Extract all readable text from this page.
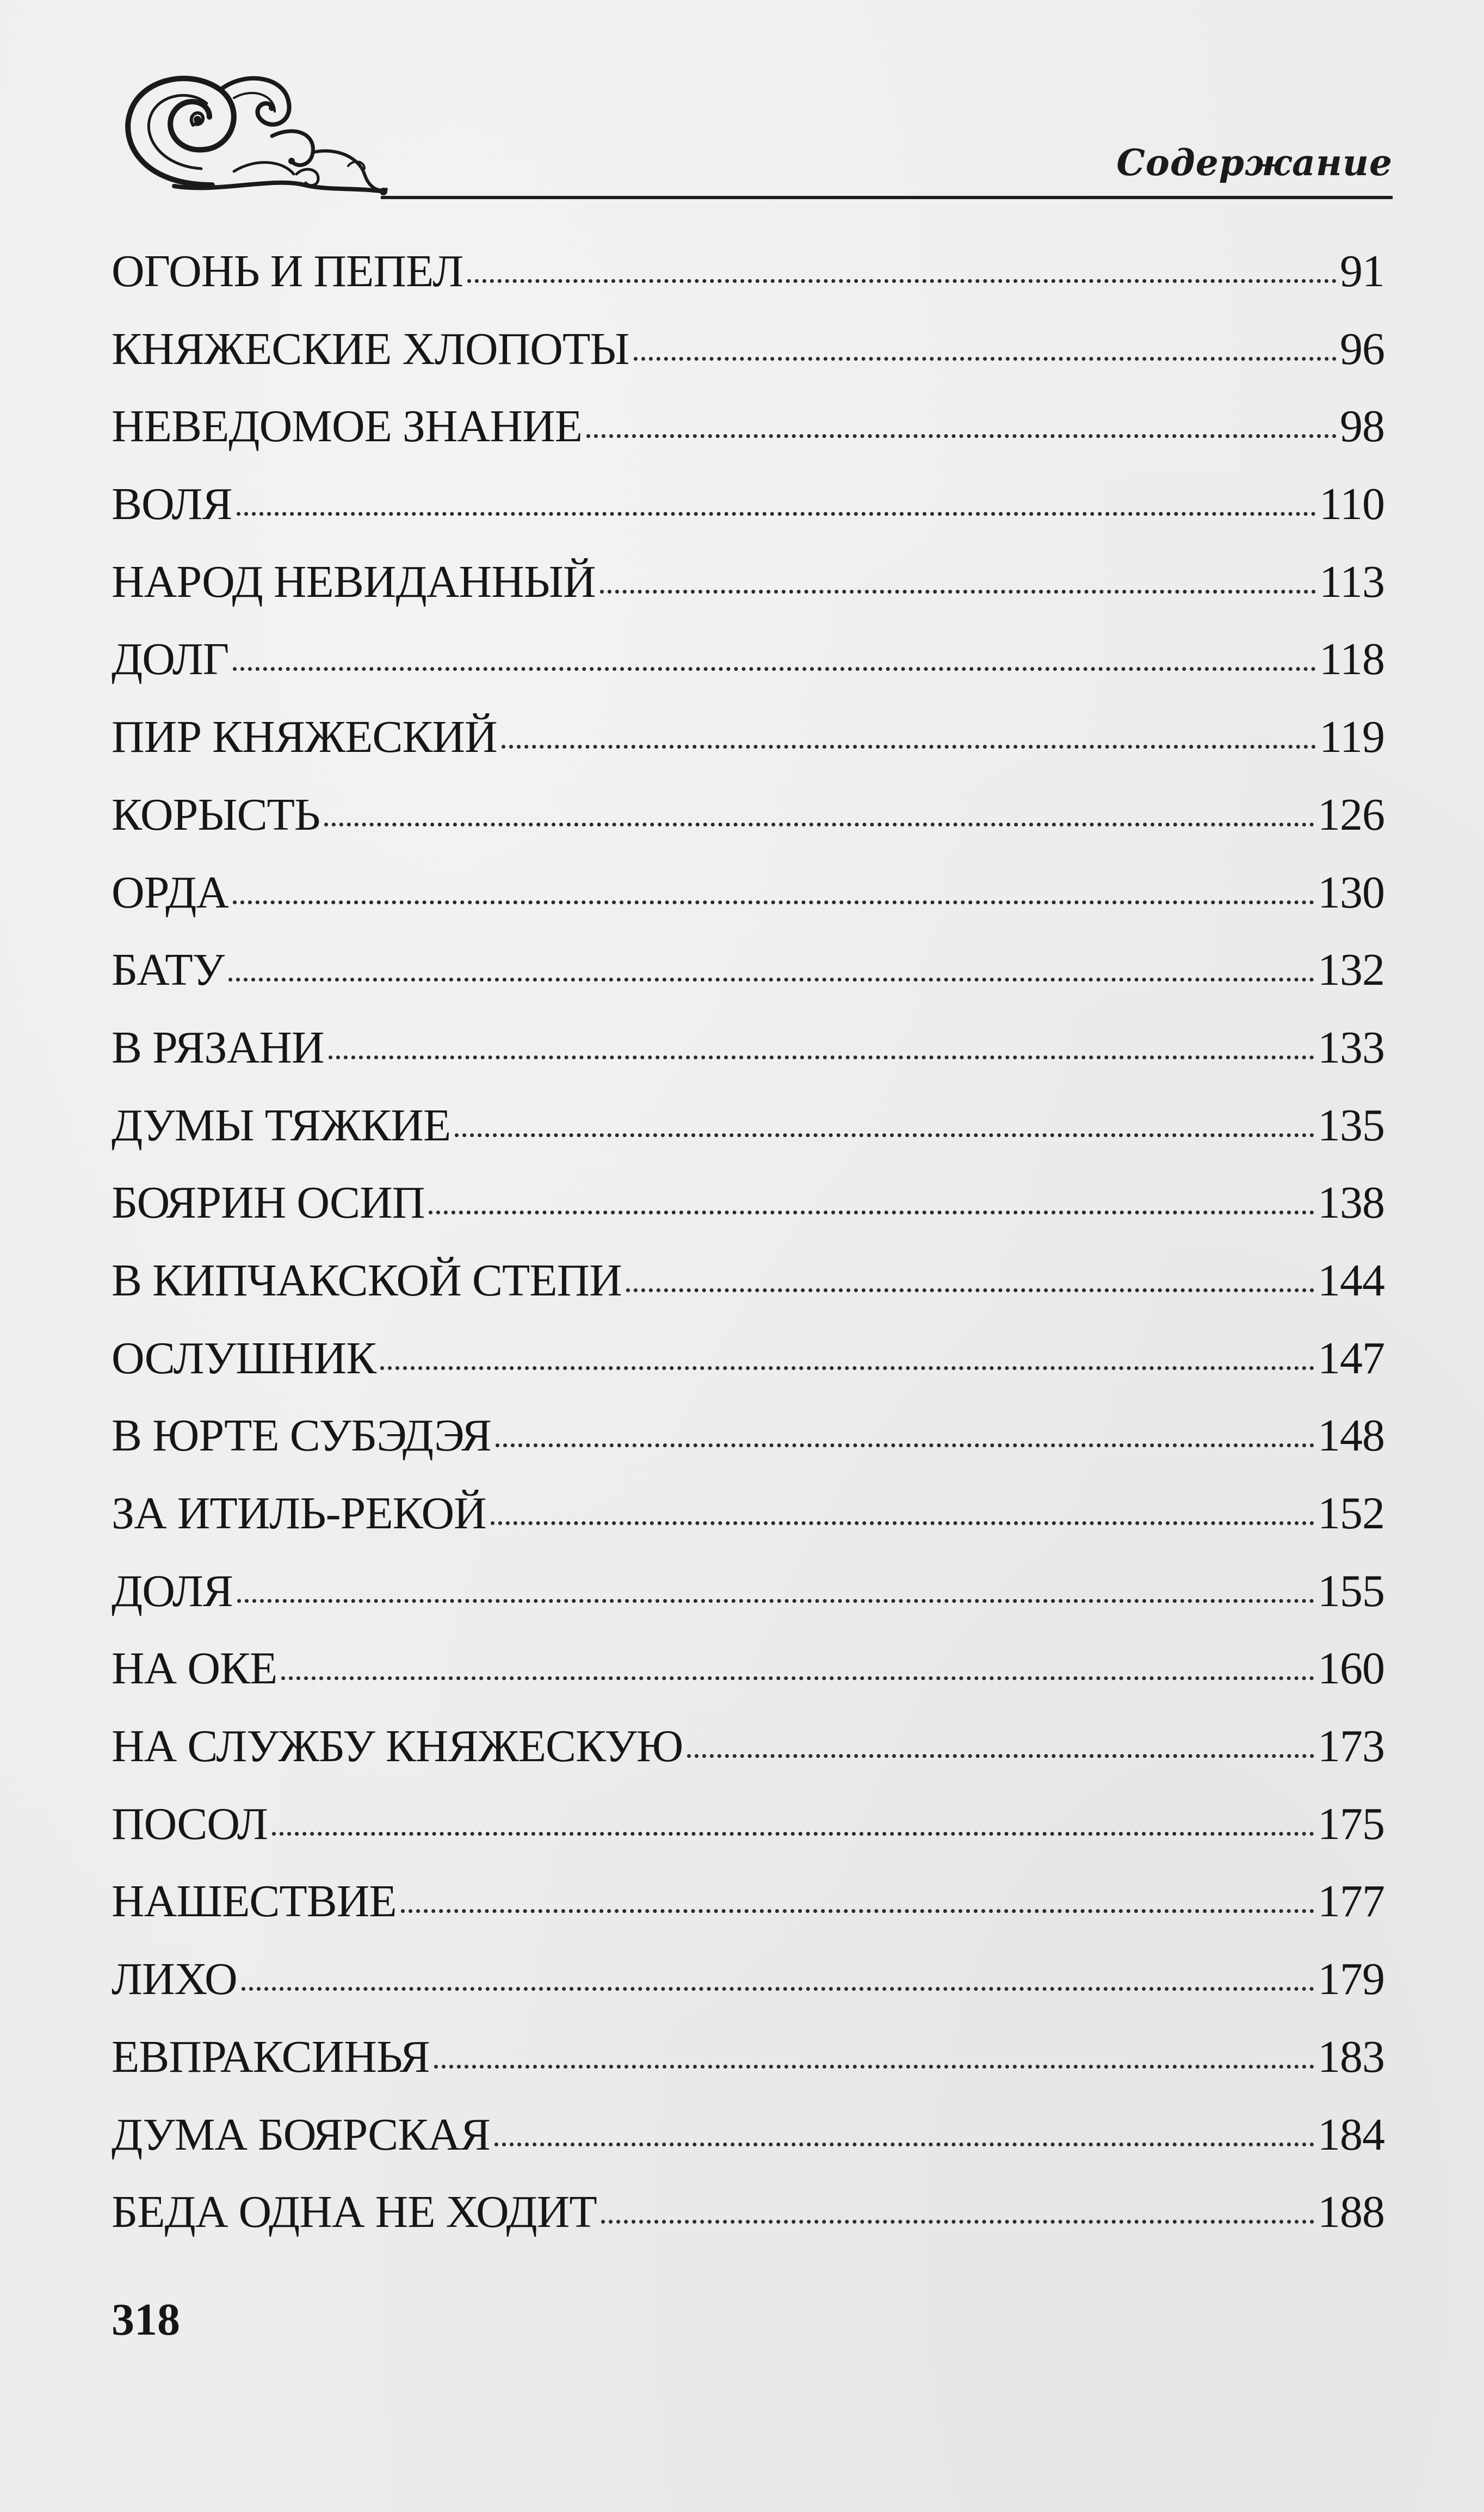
Содержание
ОГОНЬ И ПЕПЕЛ	91
КНЯЖЕСКИЕ ХЛОПОТЫ	96
НЕВЕДОМОЕ ЗНАНИЕ	98
ВОЛЯ	110
НАРОД НЕВИДАННЫЙ	113
ДОЛГ	118
ПИР КНЯЖЕСКИЙ	119
КОРЫСТЬ	126
ОРДА	130
БАТУ	132
В РЯЗАНИ	133
ДУМЫ ТЯЖКИЕ	135
БОЯРИН ОСИП	138
В КИПЧАКСКОЙ СТЕПИ	144
ОСЛУШНИК	147
В ЮРТЕ СУБЭДЭЯ	148
ЗА ИТИЛЬ-РЕКОЙ	152
ДОЛЯ	155
НА ОКЕ	160
НА СЛУЖБУ КНЯЖЕСКУЮ	173
ПОСОЛ	175
НАШЕСТВИЕ	177
ЛИХО	179
ЕВПРАКСИНЬЯ	183
ДУМА БОЯРСКАЯ	184
БЕДА ОДНА НЕ ХОДИТ	188
318
